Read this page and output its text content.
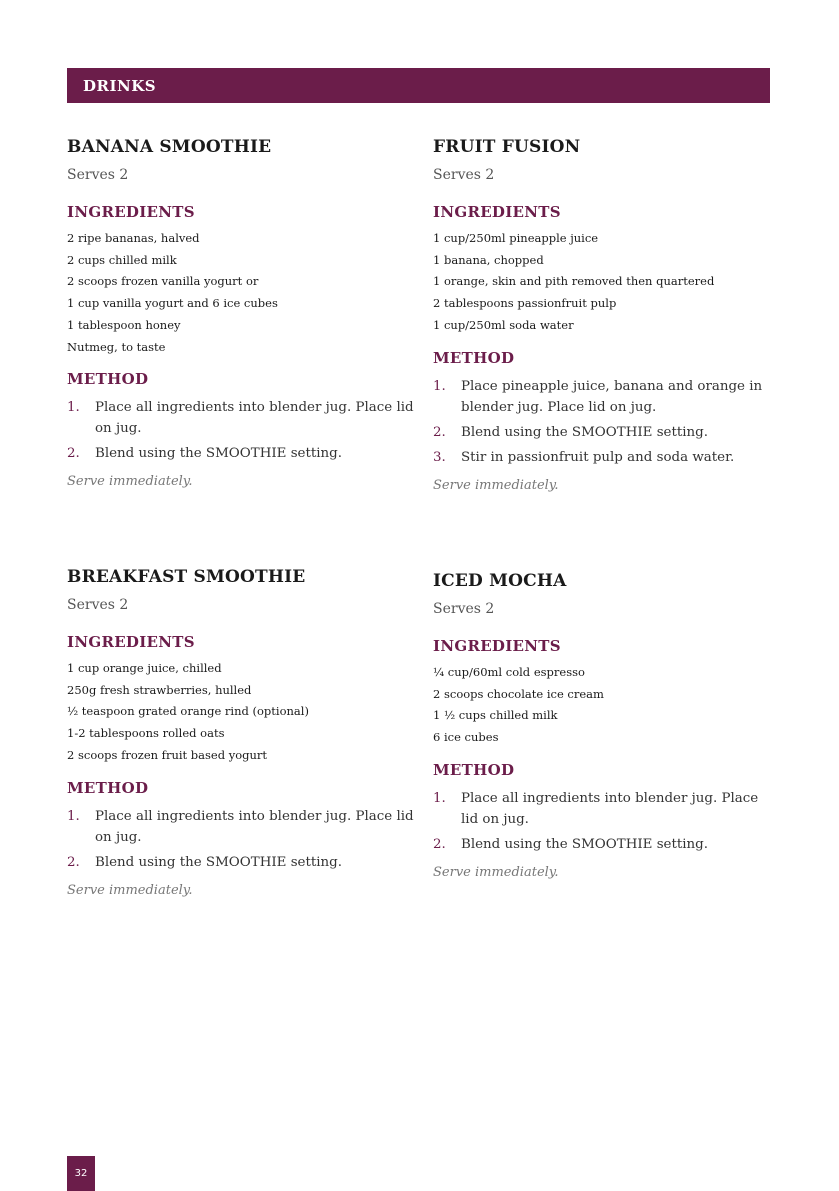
DRINKS
BANANA SMOOTHIE
Serves 2
INGREDIENTS
2 ripe bananas, halved
2 cups chilled milk
2 scoops frozen vanilla yogurt or
1 cup vanilla yogurt and 6 ice cubes
1 tablespoon honey
Nutmeg, to taste
METHOD
1.	Place all ingredients into blender jug. Place lid on jug.
2.	Blend using the SMOOTHIE setting.
Serve immediately.
FRUIT FUSION
Serves 2
INGREDIENTS
1 cup/250ml pineapple juice
1 banana, chopped
1 orange, skin and pith removed then quartered
2 tablespoons passionfruit pulp
1 cup/250ml soda water
METHOD
1.	Place pineapple juice, banana and orange in blender jug. Place lid on jug.
2.	Blend using the SMOOTHIE setting.
3.	Stir in passionfruit pulp and soda water.
Serve immediately.
BREAKFAST SMOOTHIE
Serves 2
INGREDIENTS
1 cup orange juice, chilled
250g fresh strawberries, hulled
½ teaspoon grated orange rind (optional)
1-2 tablespoons rolled oats
2 scoops frozen fruit based yogurt
METHOD
1.	Place all ingredients into blender jug. Place lid on jug.
2.	Blend using the SMOOTHIE setting.
Serve immediately.
ICED MOCHA
Serves 2
INGREDIENTS
¼ cup/60ml cold espresso
2 scoops chocolate ice cream
1 ½ cups chilled milk
6 ice cubes
METHOD
1.	Place all ingredients into blender jug. Place lid on jug.
2.	Blend using the SMOOTHIE setting.
Serve immediately.
32
